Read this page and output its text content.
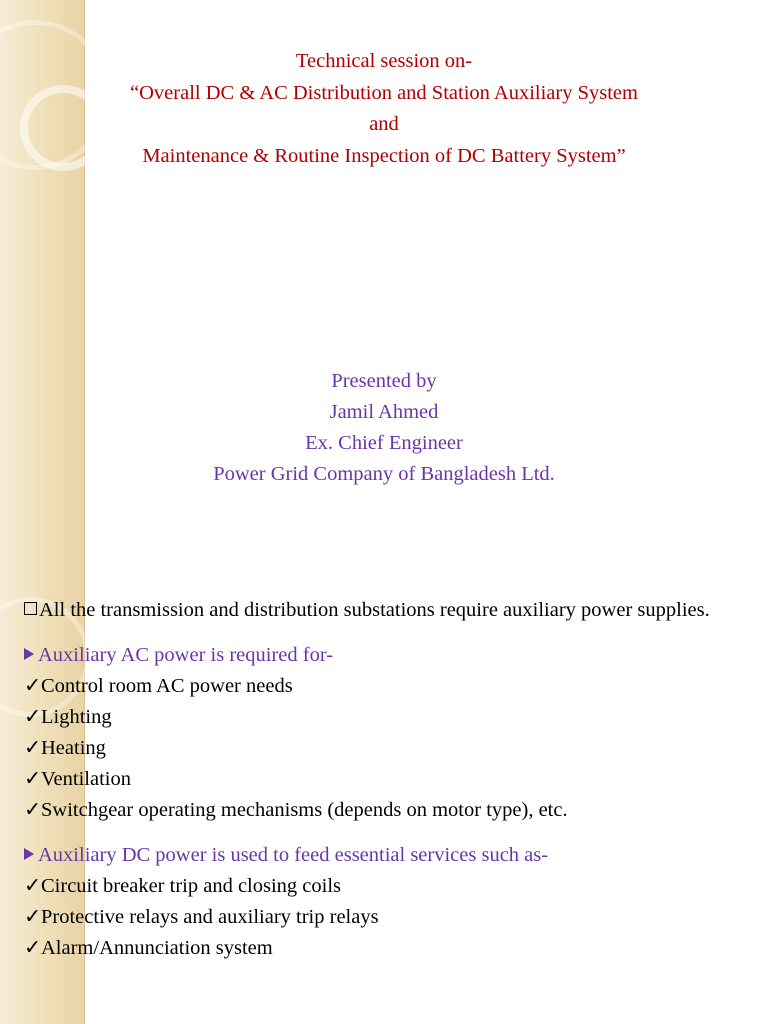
Technical session on-
“Overall DC & AC Distribution and Station Auxiliary System
and
Maintenance & Routine Inspection of DC Battery System”
Presented by
Jamil Ahmed
Ex. Chief Engineer
Power Grid Company of Bangladesh Ltd.
All the transmission and distribution substations require auxiliary power supplies.
Auxiliary AC power is required for-
✓Control room AC power needs
✓Lighting
✓Heating
✓Ventilation
✓Switchgear operating mechanisms (depends on motor type), etc.
Auxiliary DC power is used to feed essential services such as-
✓Circuit breaker trip and closing coils
✓Protective relays and auxiliary trip relays
✓Alarm/Annunciation system
